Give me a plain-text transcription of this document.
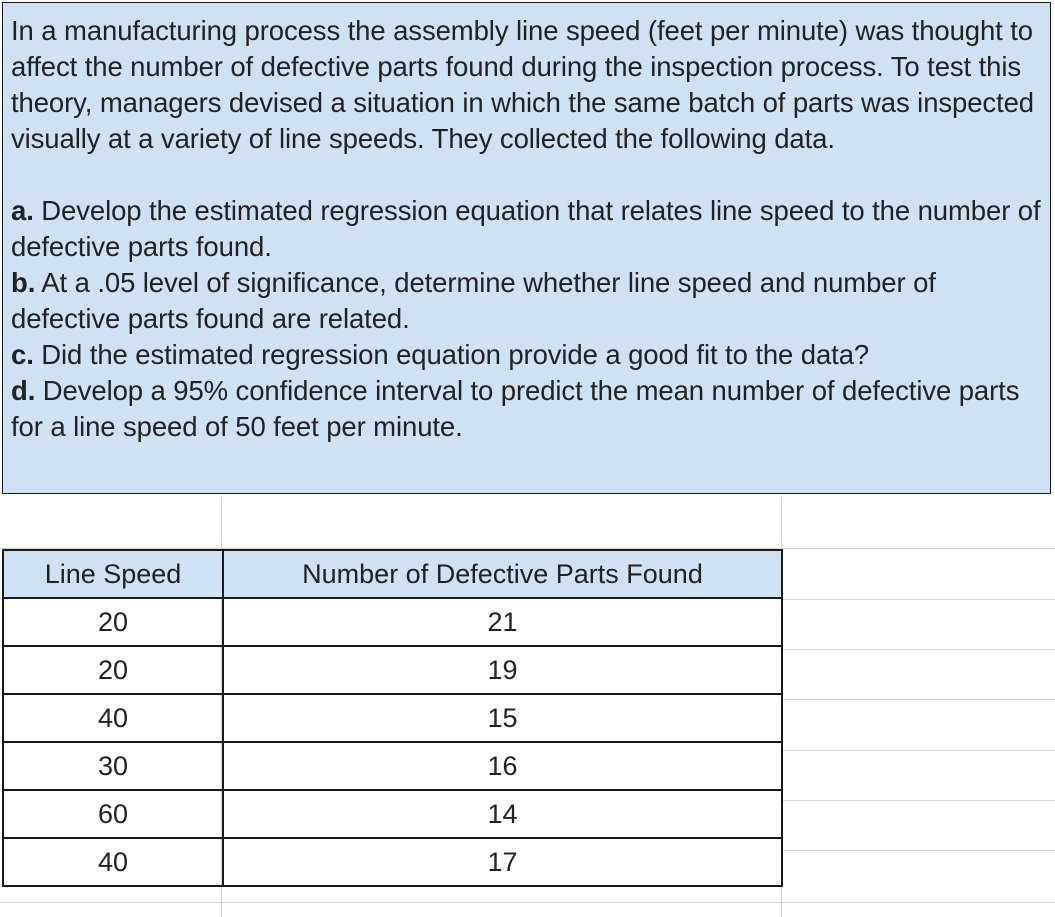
In a manufacturing process the assembly line speed (feet per minute) was thought to affect the number of defective parts found during the inspection process. To test this theory, managers devised a situation in which the same batch of parts was inspected visually at a variety of line speeds. They collected the following data.

a. Develop the estimated regression equation that relates line speed to the number of defective parts found.

b. At a .05 level of significance, determine whether line speed and number of defective parts found are related.

c. Did the estimated regression equation provide a good fit to the data?

d. Develop a 95% confidence interval to predict the mean number of defective parts for a line speed of 50 feet per minute.

Line Speed	Number of Defective Parts Found
20	21
20	19
40	15
30	16
60	14
40	17
